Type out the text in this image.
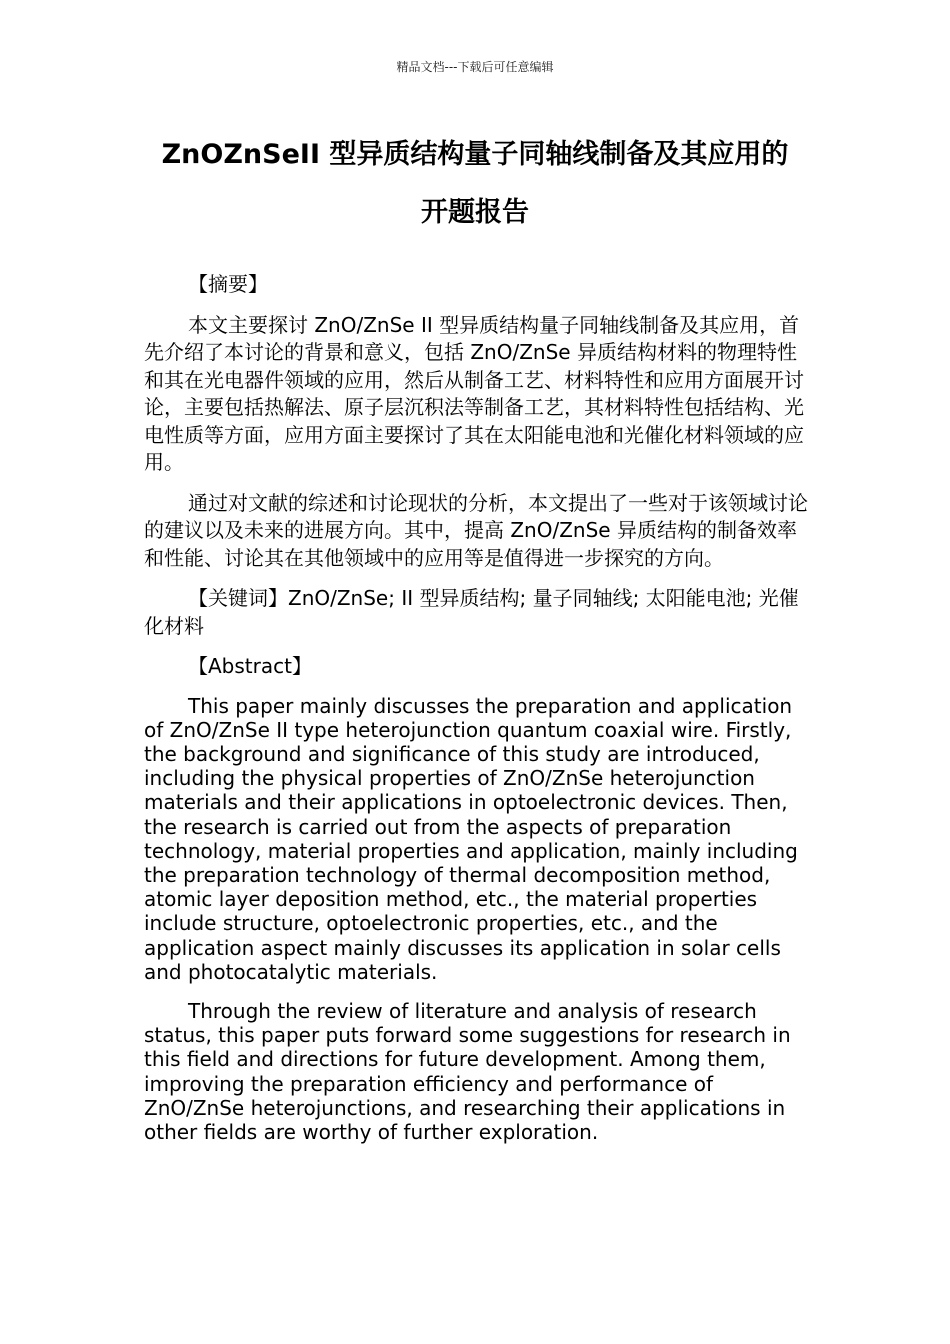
精品文档---下载后可任意编辑
ZnOZnSeII 型异质结构量子同轴线制备及其应用的
开题报告

【摘要】

本文主要探讨 ZnO/ZnSe II 型异质结构量子同轴线制备及其应用，首先介绍了本讨论的背景和意义，包括 ZnO/ZnSe 异质结构材料的物理特性和其在光电器件领域的应用，然后从制备工艺、材料特性和应用方面展开讨论，主要包括热解法、原子层沉积法等制备工艺，其材料特性包括结构、光电性质等方面，应用方面主要探讨了其在太阳能电池和光催化材料领域的应用。

通过对文献的综述和讨论现状的分析，本文提出了一些对于该领域讨论的建议以及未来的进展方向。其中，提高 ZnO/ZnSe 异质结构的制备效率和性能、讨论其在其他领域中的应用等是值得进一步探究的方向。

【关键词】ZnO/ZnSe; II 型异质结构; 量子同轴线; 太阳能电池; 光催化材料

【Abstract】

This paper mainly discusses the preparation and application of ZnO/ZnSe II type heterojunction quantum coaxial wire. Firstly, the background and significance of this study are introduced, including the physical properties of ZnO/ZnSe heterojunction materials and their applications in optoelectronic devices. Then, the research is carried out from the aspects of preparation technology, material properties and application, mainly including the preparation technology of thermal decomposition method, atomic layer deposition method, etc., the material properties include structure, optoelectronic properties, etc., and the application aspect mainly discusses its application in solar cells and photocatalytic materials.

Through the review of literature and analysis of research status, this paper puts forward some suggestions for research in this field and directions for future development. Among them, improving the preparation efficiency and performance of ZnO/ZnSe heterojunctions, and researching their applications in other fields are worthy of further exploration.
